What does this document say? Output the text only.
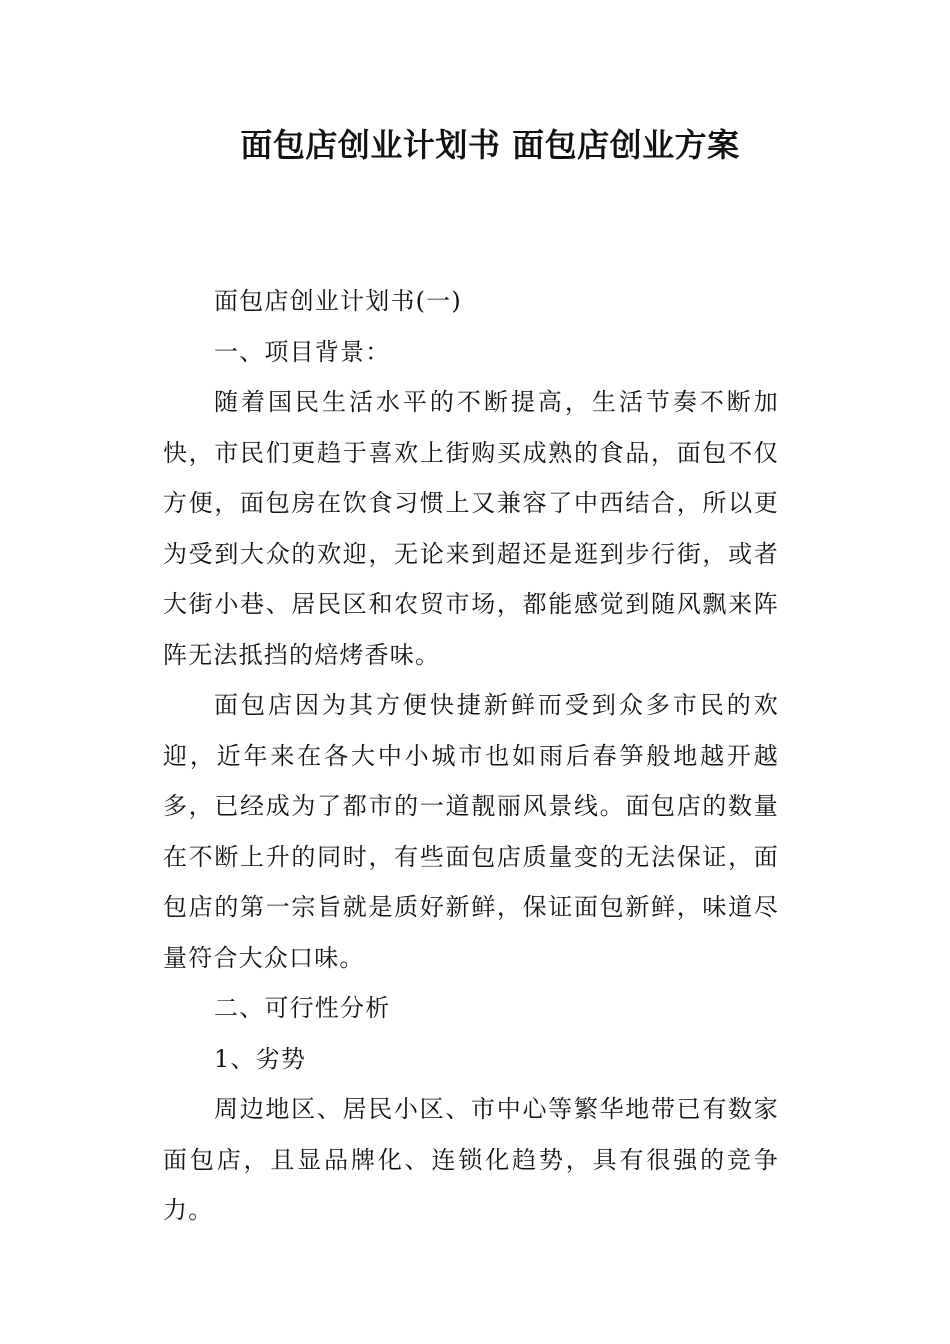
面包店创业计划书 面包店创业方案

面包店创业计划书(一)

一、项目背景：

随着国民生活水平的不断提高，生活节奏不断加快，市民们更趋于喜欢上街购买成熟的食品，面包不仅方便，面包房在饮食习惯上又兼容了中西结合，所以更为受到大众的欢迎，无论来到超还是逛到步行街，或者大街小巷、居民区和农贸市场，都能感觉到随风飘来阵阵无法抵挡的焙烤香味。

面包店因为其方便快捷新鲜而受到众多市民的欢迎，近年来在各大中小城市也如雨后春笋般地越开越多，已经成为了都市的一道靓丽风景线。面包店的数量在不断上升的同时，有些面包店质量变的无法保证，面包店的第一宗旨就是质好新鲜，保证面包新鲜，味道尽量符合大众口味。

二、可行性分析

1、劣势

周边地区、居民小区、市中心等繁华地带已有数家面包店，且显品牌化、连锁化趋势，具有很强的竞争力。
